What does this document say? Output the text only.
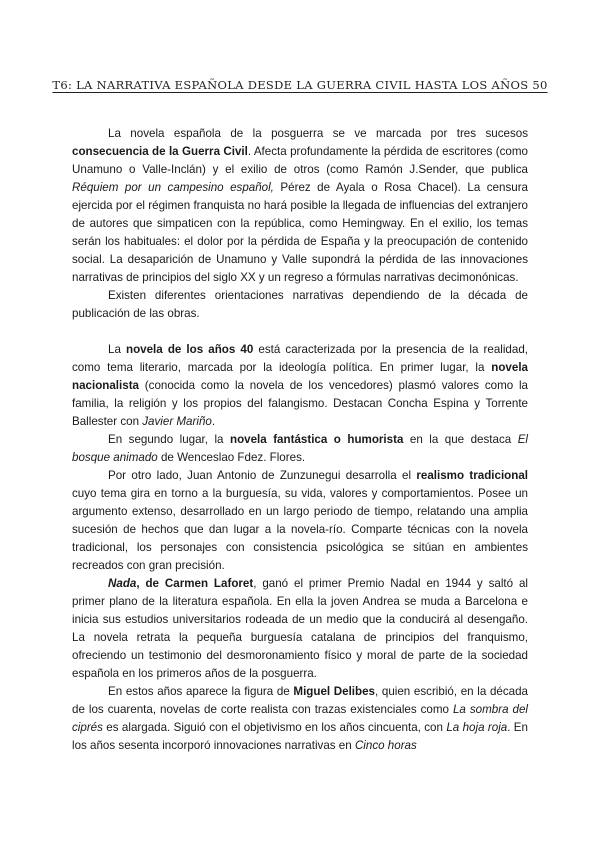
T6: LA NARRATIVA ESPAÑOLA DESDE LA GUERRA CIVIL HASTA LOS AÑOS 50

La novela española de la posguerra se ve marcada por tres sucesos consecuencia de la Guerra Civil. Afecta profundamente la pérdida de escritores (como Unamuno o Valle-Inclán) y el exilio de otros (como Ramón J.Sender, que publica Réquiem por un campesino español, Pérez de Ayala o Rosa Chacel). La censura ejercida por el régimen franquista no hará posible la llegada de influencias del extranjero de autores que simpaticen con la república, como Hemingway. En el exilio, los temas serán los habituales: el dolor por la pérdida de España y la preocupación de contenido social. La desaparición de Unamuno y Valle supondrá la pérdida de las innovaciones narrativas de principios del siglo XX y un regreso a fórmulas narrativas decimonónicas.

Existen diferentes orientaciones narrativas dependiendo de la década de publicación de las obras.

La novela de los años 40 está caracterizada por la presencia de la realidad, como tema literario, marcada por la ideología política. En primer lugar, la novela nacionalista (conocida como la novela de los vencedores) plasmó valores como la familia, la religión y los propios del falangismo. Destacan Concha Espina y Torrente Ballester con Javier Mariño.

En segundo lugar, la novela fantástica o humorista en la que destaca El bosque animado de Wenceslao Fdez. Flores.

Por otro lado, Juan Antonio de Zunzunegui desarrolla el realismo tradicional cuyo tema gira en torno a la burguesía, su vida, valores y comportamientos. Posee un argumento extenso, desarrollado en un largo periodo de tiempo, relatando una amplia sucesión de hechos que dan lugar a la novela-río. Comparte técnicas con la novela tradicional, los personajes con consistencia psicológica se sitúan en ambientes recreados con gran precisión.

Nada, de Carmen Laforet, ganó el primer Premio Nadal en 1944 y saltó al primer plano de la literatura española. En ella la joven Andrea se muda a Barcelona e inicia sus estudios universitarios rodeada de un medio que la conducirá al desengaño. La novela retrata la pequeña burguesía catalana de principios del franquismo, ofreciendo un testimonio del desmoronamiento físico y moral de parte de la sociedad española en los primeros años de la posguerra.

En estos años aparece la figura de Miguel Delibes, quien escribió, en la década de los cuarenta, novelas de corte realista con trazas existenciales como La sombra del ciprés es alargada. Siguió con el objetivismo en los años cincuenta, con La hoja roja. En los años sesenta incorporó innovaciones narrativas en Cinco horas
